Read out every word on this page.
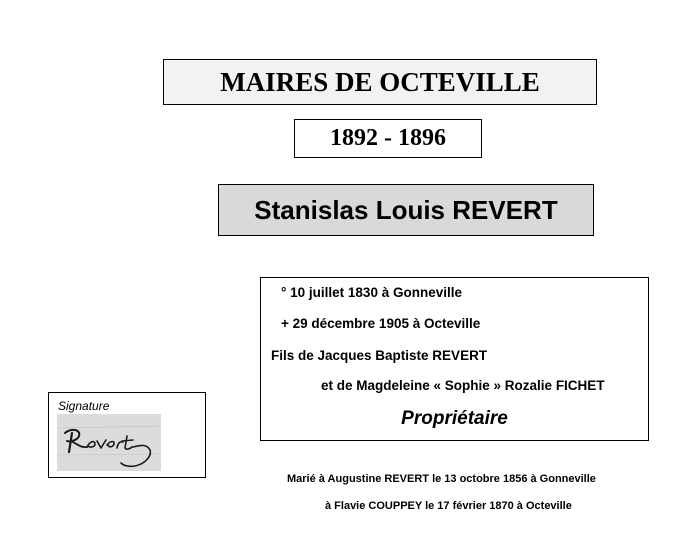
MAIRES DE OCTEVILLE
1892 - 1896
Stanislas Louis REVERT
° 10 juillet 1830 à Gonneville
+ 29 décembre 1905 à Octeville
Fils de Jacques Baptiste REVERT
et de Magdeleine « Sophie » Rozalie FICHET
Propriétaire
Signature
Marié à Augustine REVERT le 13 octobre 1856 à Gonneville
à Flavie COUPPEY le 17 février 1870 à Octeville
